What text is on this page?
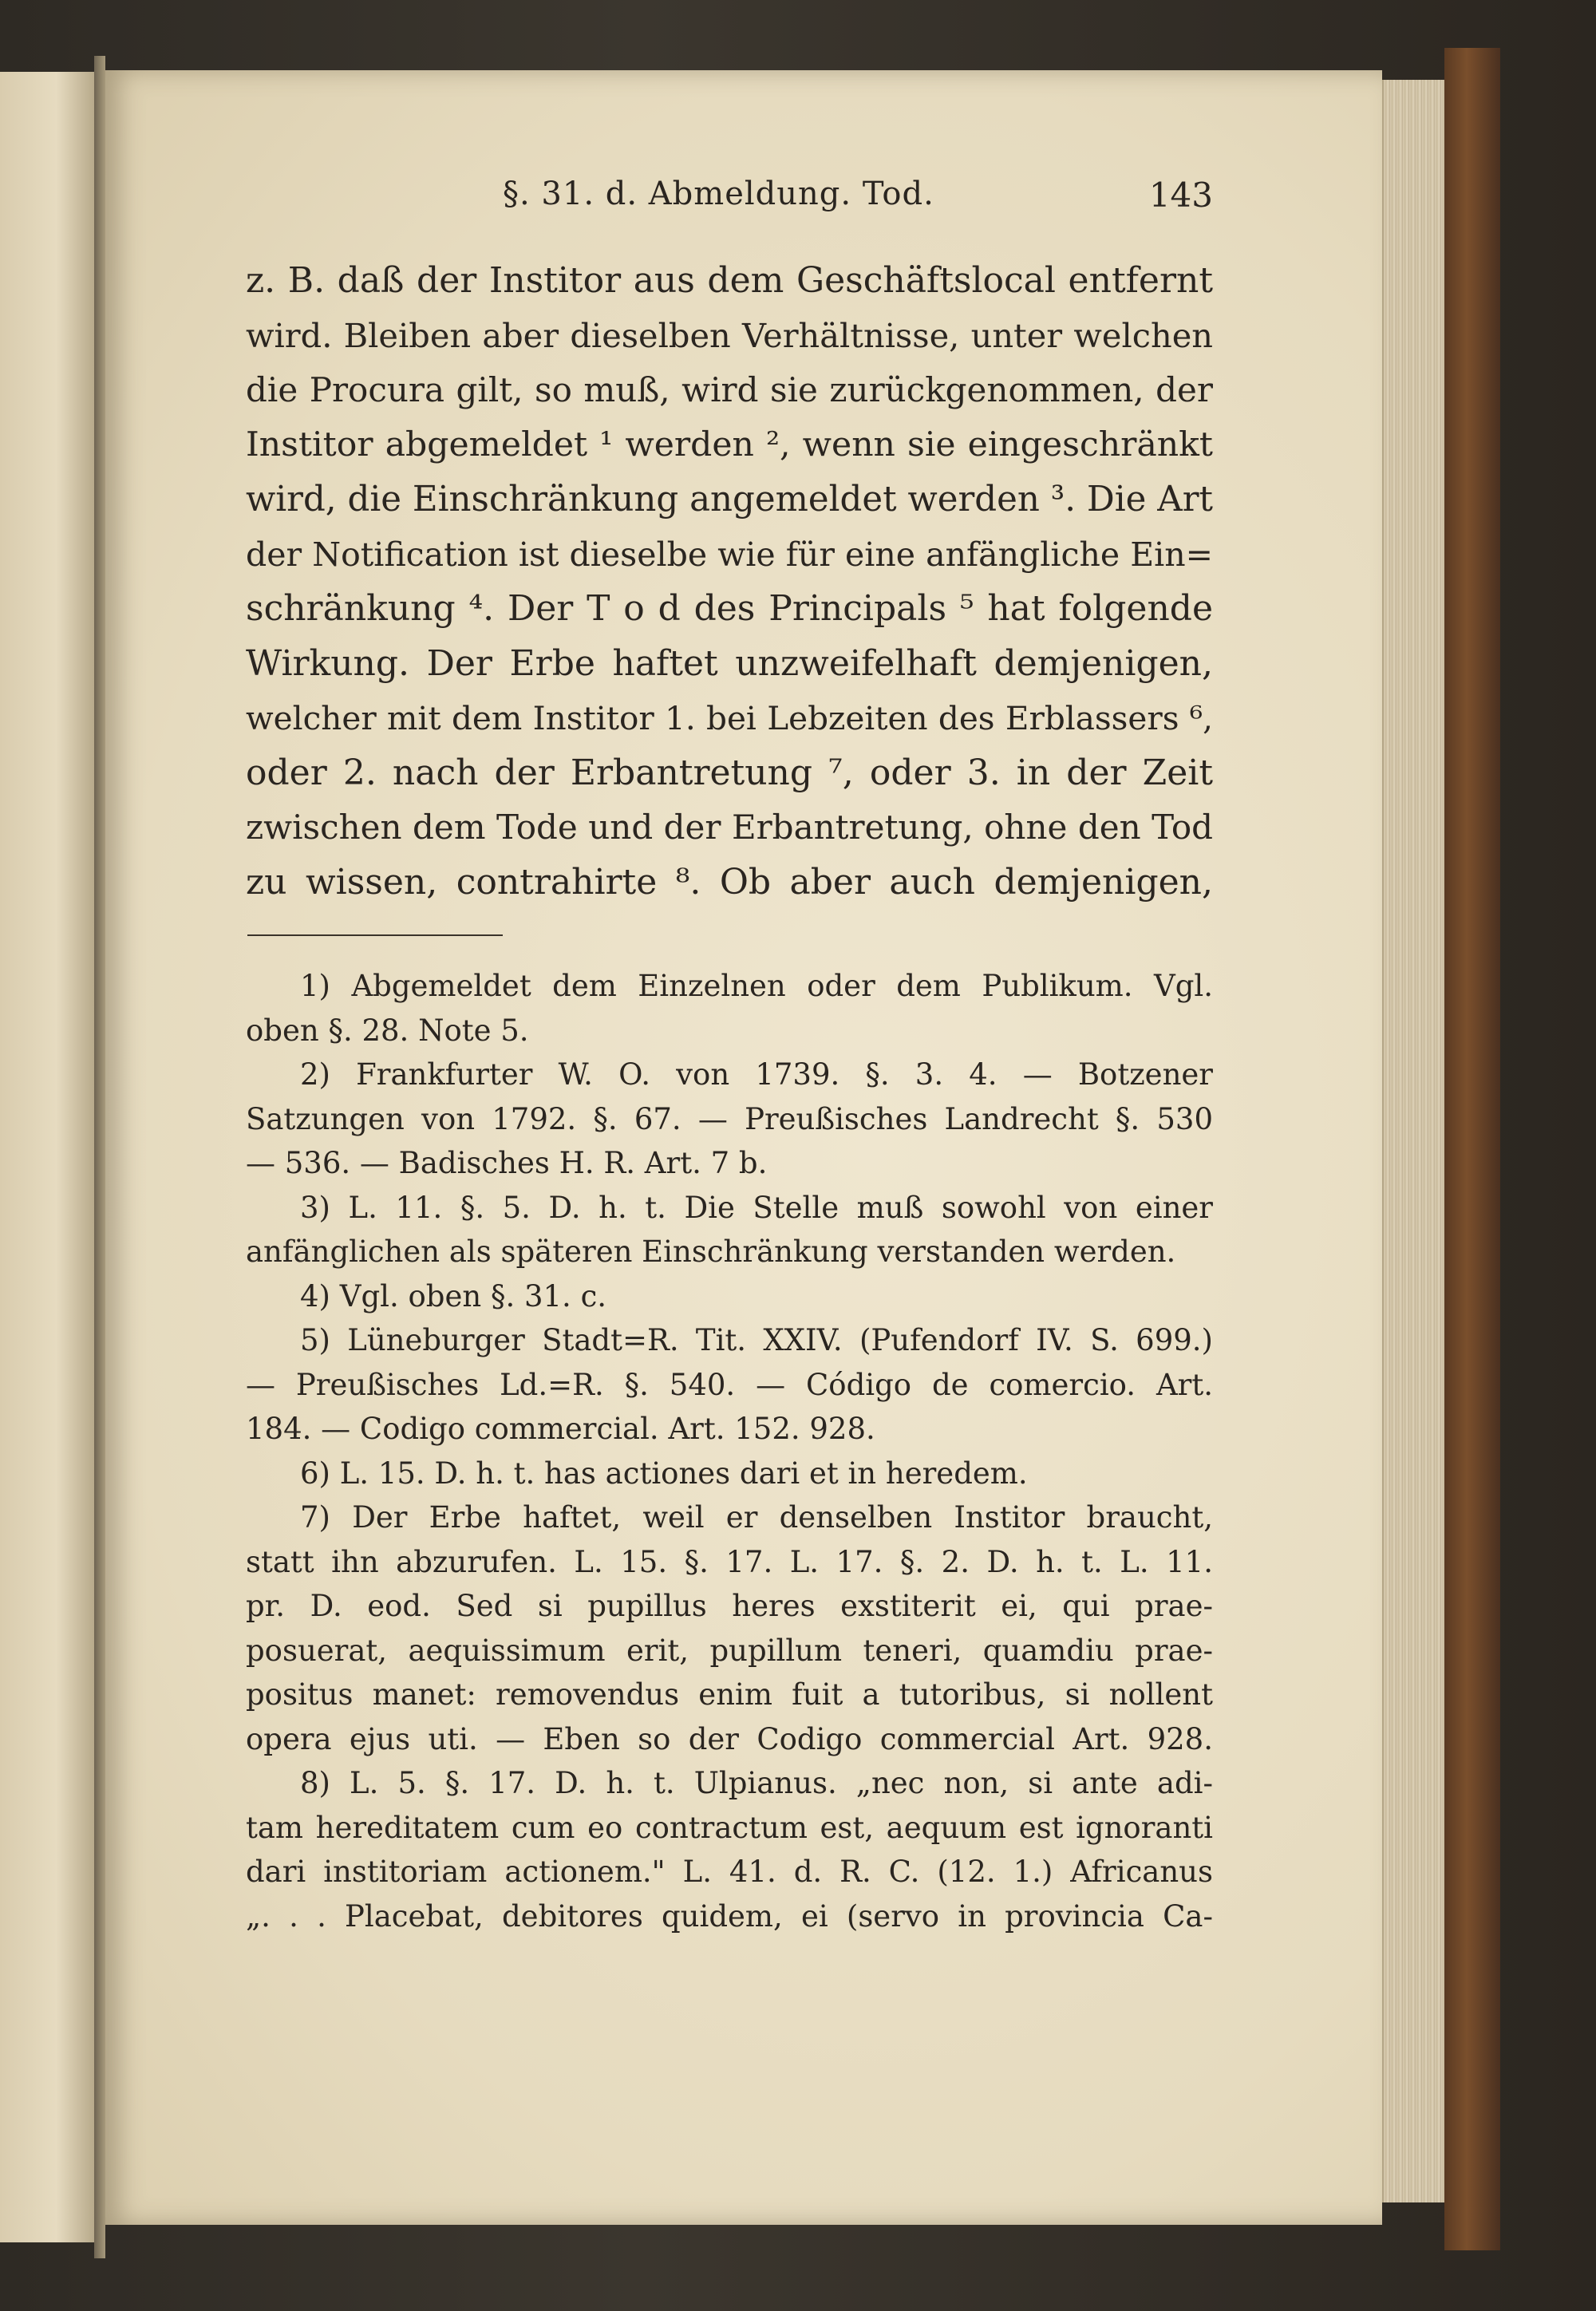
§. 31. d. Abmeldung. Tod.	143
z. B. daß der Institor aus dem Geschäftslocal entfernt
wird. Bleiben aber dieselben Verhältnisse, unter welchen
die Procura gilt, so muß, wird sie zurückgenommen, der
Institor abgemeldet ¹ werden ², wenn sie eingeschränkt
wird, die Einschränkung angemeldet werden ³. Die Art
der Notification ist dieselbe wie für eine anfängliche Ein=
schränkung ⁴. Der T o d des Principals ⁵ hat folgende
Wirkung. Der Erbe haftet unzweifelhaft demjenigen,
welcher mit dem Institor 1. bei Lebzeiten des Erblassers ⁶,
oder 2. nach der Erbantretung ⁷, oder 3. in der Zeit
zwischen dem Tode und der Erbantretung, ohne den Tod
zu wissen, contrahirte ⁸. Ob aber auch demjenigen,
1) Abgemeldet dem Einzelnen oder dem Publikum. Vgl.
oben §. 28. Note 5.
2) Frankfurter W. O. von 1739. §. 3. 4. — Botzener
Satzungen von 1792. §. 67. — Preußisches Landrecht §. 530
— 536. — Badisches H. R. Art. 7 b.
3) L. 11. §. 5. D. h. t. Die Stelle muß sowohl von einer
anfänglichen als späteren Einschränkung verstanden werden.
4) Vgl. oben §. 31. c.
5) Lüneburger Stadt=R. Tit. XXIV. (Pufendorf IV. S. 699.)
— Preußisches Ld.=R. §. 540. — Código de comercio. Art.
184. — Codigo commercial. Art. 152. 928.
6) L. 15. D. h. t. has actiones dari et in heredem.
7) Der Erbe haftet, weil er denselben Institor braucht,
statt ihn abzurufen. L. 15. §. 17. L. 17. §. 2. D. h. t. L. 11.
pr. D. eod. Sed si pupillus heres exstiterit ei, qui prae-
posuerat, aequissimum erit, pupillum teneri, quamdiu prae-
positus manet: removendus enim fuit a tutoribus, si nollent
opera ejus uti. — Eben so der Codigo commercial Art. 928.
8) L. 5. §. 17. D. h. t. Ulpianus. „nec non, si ante adi-
tam hereditatem cum eo contractum est, aequum est ignoranti
dari institoriam actionem." L. 41. d. R. C. (12. 1.) Africanus
„. . . Placebat, debitores quidem, ei (servo in provincia Ca-
